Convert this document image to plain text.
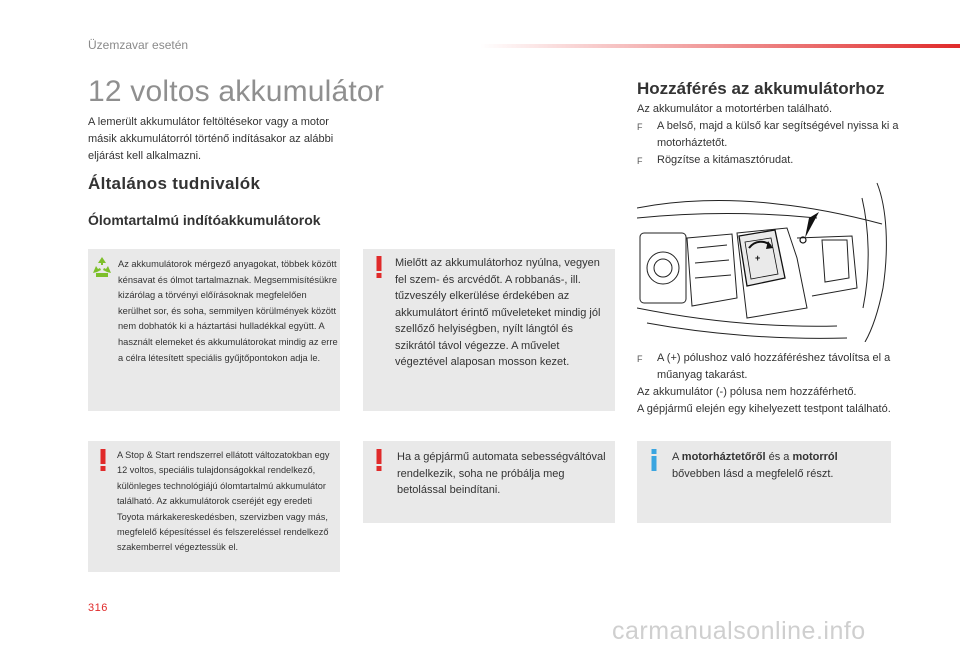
Üzemzavar esetén
12 voltos akkumulátor
A lemerült akkumulátor feltöltésekor vagy a motor másik akkumulátorról történő indításakor az alábbi eljárást kell alkalmazni.
Általános tudnivalók
Ólomtartalmú indítóakkumulátorok
Az akkumulátorok mérgező anyagokat, többek között kénsavat és ólmot tartalmaznak. Megsemmisítésükre kizárólag a törvényi előírásoknak megfelelően kerülhet sor, és soha, semmilyen körülmények között nem dobhatók ki a háztartási hulladékkal együtt. A használt elemeket és akkumulátorokat mindig az erre a célra létesített speciális gyűjtőpontokon adja le.
A Stop & Start rendszerrel ellátott változatokban egy 12 voltos, speciális tulajdonságokkal rendelkező, különleges technológiájú ólomtartalmú akkumulátor található. Az akkumulátorok cseréjét egy eredeti Toyota márkakereskedésben, szervizben vagy más, megfelelő képesítéssel és felszereléssel rendelkező szakemberrel végeztessük el.
Mielőtt az akkumulátorhoz nyúlna, vegyen fel szem- és arcvédőt. A robbanás-, ill. tűzveszély elkerülése érdekében az akkumulátort érintő műveleteket mindig jól szellőző helyiségben, nyílt lángtól és szikrától távol végezze. A művelet végeztével alaposan mosson kezet.
Ha a gépjármű automata sebességváltóval rendelkezik, soha ne próbálja meg betolással beindítani.
A motorháztetőről és a motorról bővebben lásd a megfelelő részt.
Hozzáférés az akkumulátorhoz
Az akkumulátor a motortérben található.
F	A belső, majd a külső kar segítségével nyissa ki a motorháztetőt.
F	Rögzítse a kitámasztórudat.
+
F	A (+) pólushoz való hozzáféréshez távolítsa el a műanyag takarást.
Az akkumulátor (-) pólusa nem hozzáférhető.
A gépjármű elején egy kihelyezett testpont található.
316
carmanualsonline.info
